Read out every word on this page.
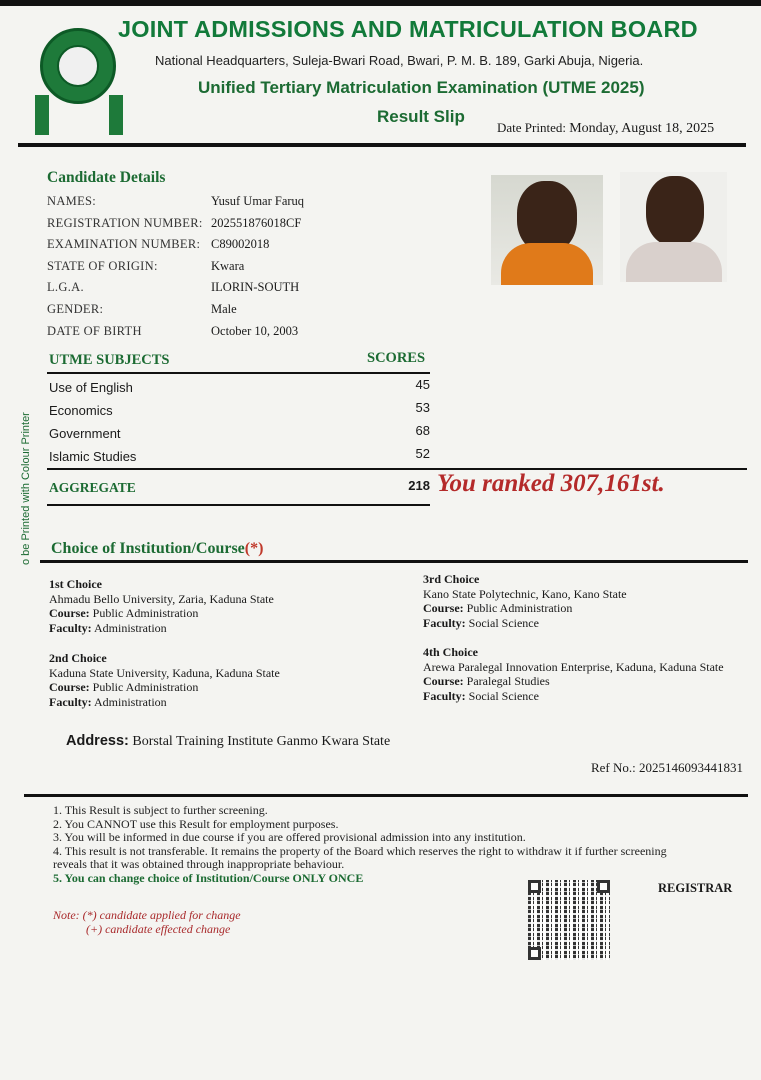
JOINT ADMISSIONS AND MATRICULATION BOARD
National Headquarters, Suleja-Bwari Road, Bwari, P. M. B. 189, Garki Abuja, Nigeria.
Unified Tertiary Matriculation Examination (UTME 2025)
Result Slip
Date Printed: Monday, August 18, 2025
Candidate Details
NAMES:	Yusuf Umar Faruq
REGISTRATION NUMBER: 202551876018CF
EXAMINATION NUMBER: C89002018
STATE OF ORIGIN:	Kwara
L.G.A.	ILORIN-SOUTH
GENDER:	Male
DATE OF BIRTH	October 10, 2003
UTME SUBJECTS	SCORES
Use of English	45
Economics	53
Government	68
Islamic Studies	52
AGGREGATE	218 You ranked 307,161st.
o be Printed with Colour Printer Choice of Institution/Course(*)
1st Choice
Ahmadu Bello University, Zaria, Kaduna State
Course: Public Administration
Faculty: Administration
2nd Choice
Kaduna State University, Kaduna, Kaduna State
Course: Public Administration
Faculty: Administration
3rd Choice
Kano State Polytechnic, Kano, Kano State
Course: Public Administration
Faculty: Social Science
4th Choice
Arewa Paralegal Innovation Enterprise, Kaduna, Kaduna State
Course: Paralegal Studies
Faculty: Social Science
Address: Borstal Training Institute Ganmo Kwara State
Ref No.: 2025146093441831
1. This Result is subject to further screening.
2. You CANNOT use this Result for employment purposes.
3. You will be informed in due course if you are offered provisional admission into any institution.
4. This result is not transferable. It remains the property of the Board which reserves the right to withdraw it if further screening
reveals that it was obtained through inappropriate behaviour.
5. You can change choice of Institution/Course ONLY ONCE
Note: (*) candidate applied for change
(+) candidate effected change
REGISTRAR
